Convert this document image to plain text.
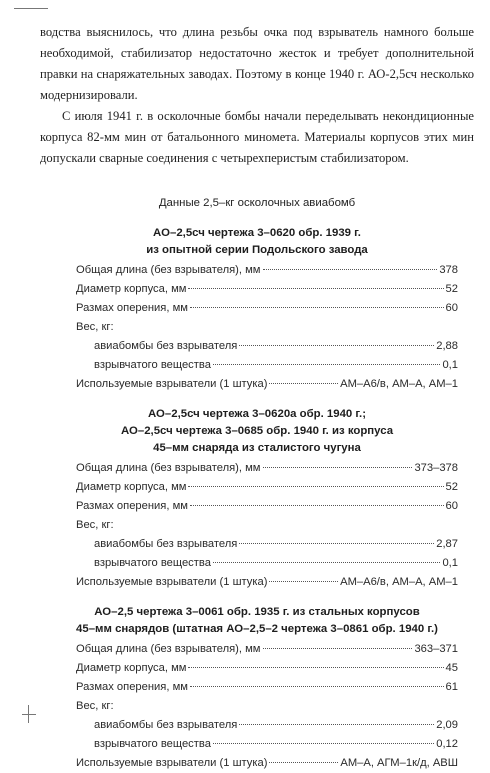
водства выяснилось, что длина резьбы очка под взрыватель намного больше необходимой, стабилизатор недостаточно жесток и требует дополнительной правки на снаряжательных заводах. Поэтому в конце 1940 г. АО-2,5сч несколько модернизировали.

С июля 1941 г. в осколочные бомбы начали переделывать некондиционные корпуса 82-мм мин от батальонного миномета. Материалы корпусов этих мин допускали сварные соединения с четырехперистым стабилизатором.

Данные 2,5–кг осколочных авиабомб

АО–2,5сч чертежа 3–0620 обр. 1939 г.
из опытной серии Подольского завода

Общая длина (без взрывателя), мм	378
Диаметр корпуса, мм	52
Размах оперения, мм	60
Вес, кг:
авиабомбы без взрывателя	2,88
взрывчатого вещества	0,1
Используемые взрыватели (1 штука)	АМ–А6/в, АМ–А, АМ–1

АО–2,5сч чертежа 3–0620а обр. 1940 г.;
АО–2,5сч чертежа 3–0685 обр. 1940 г. из корпуса
45–мм снаряда из сталистого чугуна

Общая длина (без взрывателя), мм	373–378
Диаметр корпуса, мм	52
Размах оперения, мм	60
Вес, кг:
авиабомбы без взрывателя	2,87
взрывчатого вещества	0,1
Используемые взрыватели (1 штука)	АМ–А6/в, АМ–А, АМ–1

АО–2,5 чертежа 3–0061 обр. 1935 г. из стальных корпусов
45–мм снарядов (штатная АО–2,5–2 чертежа 3–0861 обр. 1940 г.)

Общая длина (без взрывателя), мм	363–371
Диаметр корпуса, мм	45
Размах оперения, мм	61
Вес, кг:
авиабомбы без взрывателя	2,09
взрывчатого вещества	0,12
Используемые взрыватели (1 штука)	АМ–А, АГМ–1к/д, АВШ
